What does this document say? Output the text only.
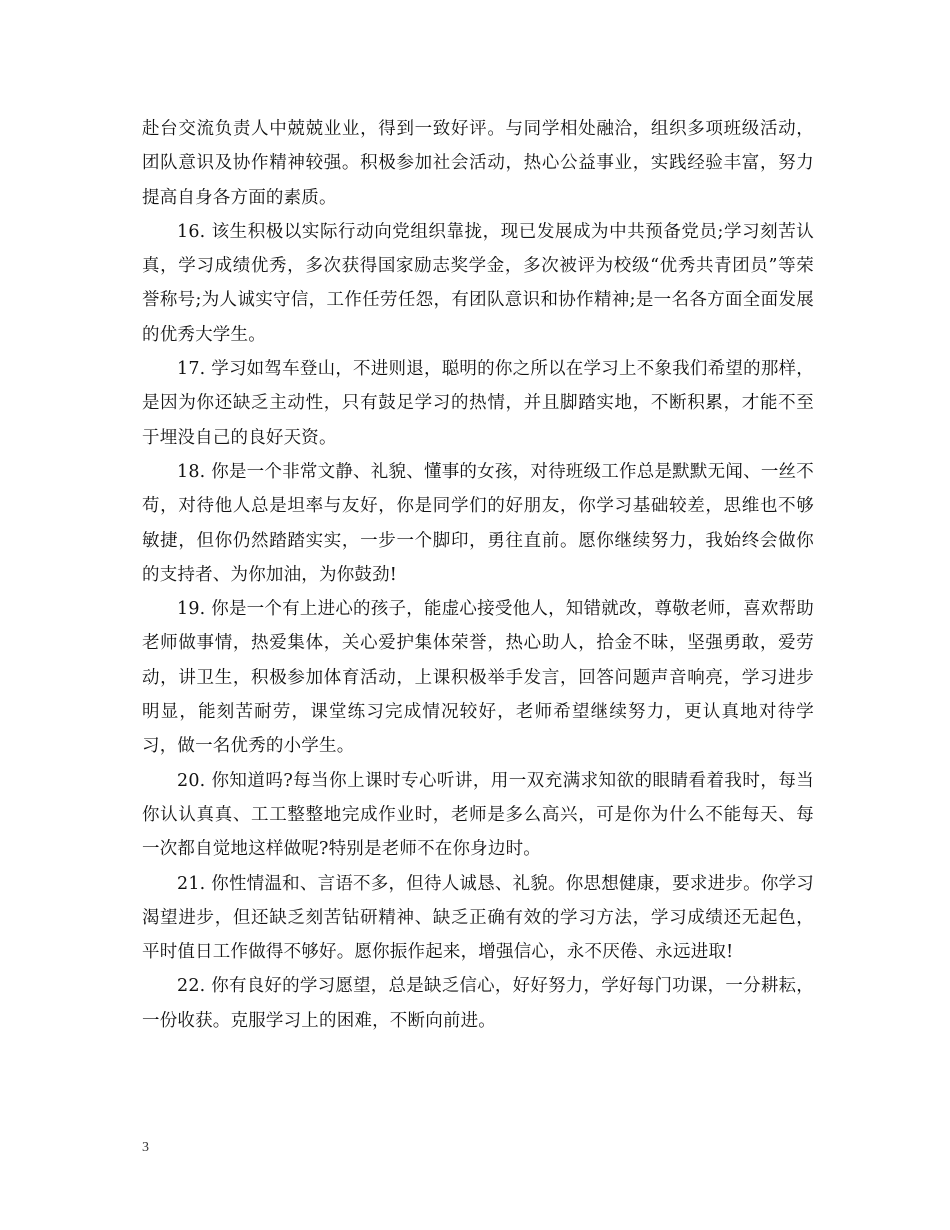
赴台交流负责人中兢兢业业，得到一致好评。与同学相处融洽，组织多项班级活动，团队意识及协作精神较强。积极参加社会活动，热心公益事业，实践经验丰富，努力提高自身各方面的素质。

16. 该生积极以实际行动向党组织靠拢，现已发展成为中共预备党员;学习刻苦认真，学习成绩优秀，多次获得国家励志奖学金，多次被评为校级“优秀共青团员”等荣誉称号;为人诚实守信，工作任劳任怨，有团队意识和协作精神;是一名各方面全面发展的优秀大学生。

17. 学习如驾车登山，不进则退，聪明的你之所以在学习上不象我们希望的那样，是因为你还缺乏主动性，只有鼓足学习的热情，并且脚踏实地，不断积累，才能不至于埋没自己的良好天资。

18. 你是一个非常文静、礼貌、懂事的女孩，对待班级工作总是默默无闻、一丝不苟，对待他人总是坦率与友好，你是同学们的好朋友，你学习基础较差，思维也不够敏捷，但你仍然踏踏实实，一步一个脚印，勇往直前。愿你继续努力，我始终会做你的支持者、为你加油，为你鼓劲!

19. 你是一个有上进心的孩子，能虚心接受他人，知错就改，尊敬老师，喜欢帮助老师做事情，热爱集体，关心爱护集体荣誉，热心助人，拾金不昧，坚强勇敢，爱劳动，讲卫生，积极参加体育活动，上课积极举手发言，回答问题声音响亮，学习进步明显，能刻苦耐劳，课堂练习完成情况较好，老师希望继续努力，更认真地对待学习，做一名优秀的小学生。

20. 你知道吗?每当你上课时专心听讲，用一双充满求知欲的眼睛看着我时，每当你认认真真、工工整整地完成作业时，老师是多么高兴，可是你为什么不能每天、每一次都自觉地这样做呢?特别是老师不在你身边时。

21. 你性情温和、言语不多，但待人诚恳、礼貌。你思想健康，要求进步。你学习渴望进步，但还缺乏刻苦钻研精神、缺乏正确有效的学习方法，学习成绩还无起色，平时值日工作做得不够好。愿你振作起来，增强信心，永不厌倦、永远进取!

22. 你有良好的学习愿望，总是缺乏信心，好好努力，学好每门功课，一分耕耘，一份收获。克服学习上的困难，不断向前进。

3
